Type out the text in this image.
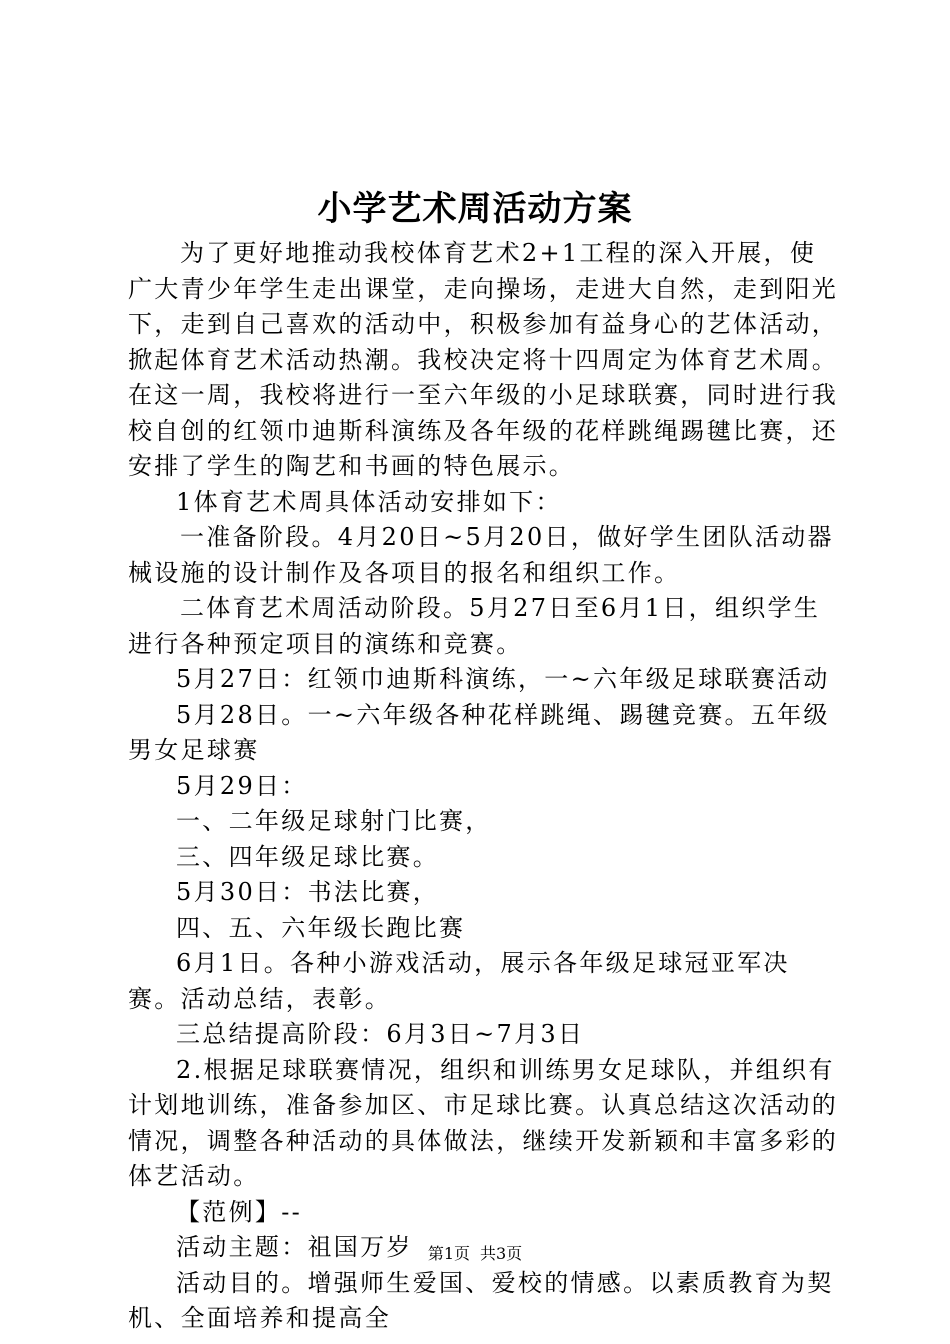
小学艺术周活动方案

为了更好地推动我校体育艺术2+1工程的深入开展，使广大青少年学生走出课堂，走向操场，走进大自然，走到阳光下，走到自己喜欢的活动中，积极参加有益身心的艺体活动，掀起体育艺术活动热潮。我校决定将十四周定为体育艺术周。在这一周，我校将进行一至六年级的小足球联赛，同时进行我校自创的红领巾迪斯科演练及各年级的花样跳绳踢毽比赛，还安排了学生的陶艺和书画的特色展示。

1体育艺术周具体活动安排如下：

一准备阶段。4月20日~5月20日，做好学生团队活动器械设施的设计制作及各项目的报名和组织工作。

二体育艺术周活动阶段。5月27日至6月1日，组织学生进行各种预定项目的演练和竞赛。

5月27日：红领巾迪斯科演练，一~六年级足球联赛活动

5月28日。一~六年级各种花样跳绳、踢毽竞赛。五年级男女足球赛

5月29日：

一、二年级足球射门比赛，

三、四年级足球比赛。

5月30日：书法比赛，

四、五、六年级长跑比赛

6月1日。各种小游戏活动，展示各年级足球冠亚军决赛。活动总结，表彰。

三总结提高阶段：6月3日~7月3日

2.根据足球联赛情况，组织和训练男女足球队，并组织有计划地训练，准备参加区、市足球比赛。认真总结这次活动的情况，调整各种活动的具体做法，继续开发新颖和丰富多彩的体艺活动。

【范例】--

活动主题：祖国万岁

活动目的。增强师生爱国、爱校的情感。以素质教育为契机、全面培养和提高全

第1页 共3页
